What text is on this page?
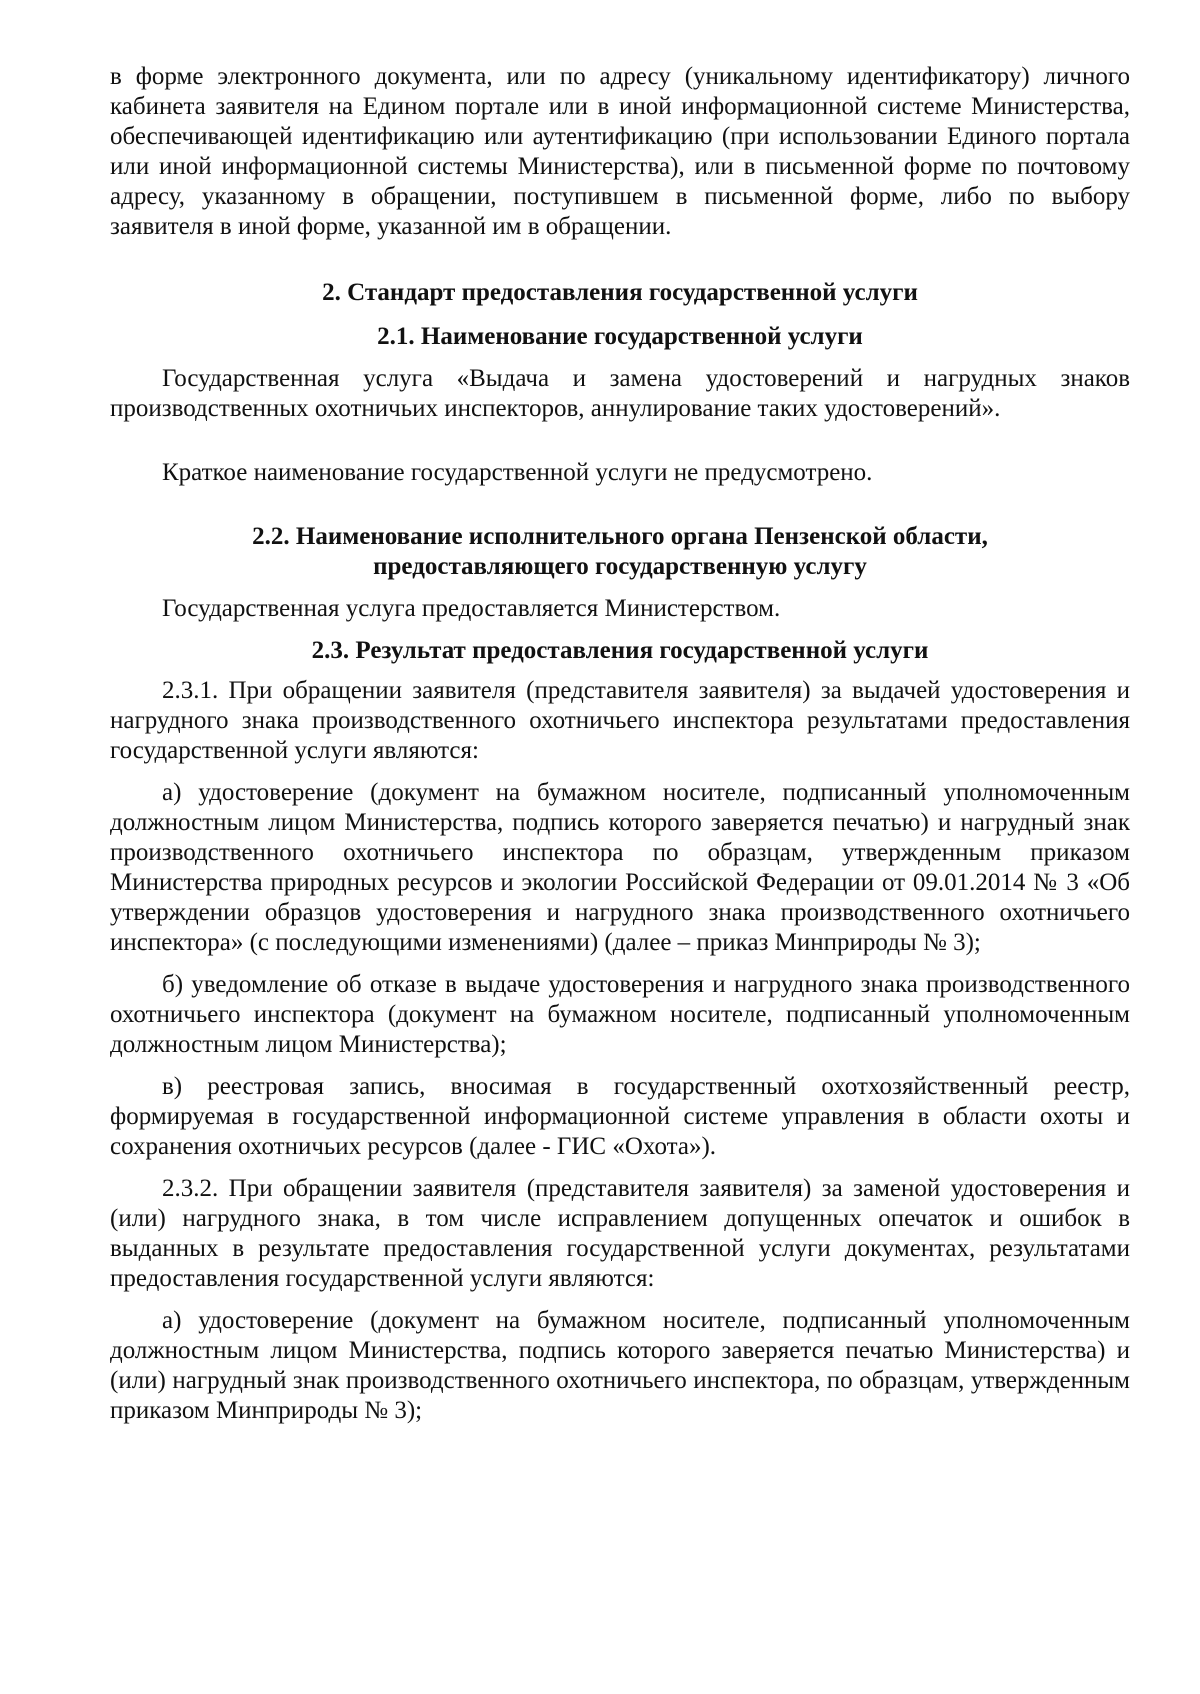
в форме электронного документа, или по адресу (уникальному идентификатору) личного кабинета заявителя на Едином портале или в иной информационной системе Министерства, обеспечивающей идентификацию или аутентификацию (при использовании Единого портала или иной информационной системы Министерства), или в письменной форме по почтовому адресу, указанному в обращении, поступившем в письменной форме, либо по выбору заявителя в иной форме, указанной им в обращении.

2. Стандарт предоставления государственной услуги
2.1. Наименование государственной услуги

Государственная услуга «Выдача и замена удостоверений и нагрудных знаков производственных охотничьих инспекторов, аннулирование таких удостоверений».

Краткое наименование государственной услуги не предусмотрено.

2.2. Наименование исполнительного органа Пензенской области,
предоставляющего государственную услугу

Государственная услуга предоставляется Министерством.

2.3. Результат предоставления государственной услуги

2.3.1. При обращении заявителя (представителя заявителя) за выдачей удостоверения и нагрудного знака производственного охотничьего инспектора результатами предоставления государственной услуги являются:

а) удостоверение (документ на бумажном носителе, подписанный уполномоченным должностным лицом Министерства, подпись которого заверяется печатью) и нагрудный знак производственного охотничьего инспектора по образцам, утвержденным приказом Министерства природных ресурсов и экологии Российской Федерации от 09.01.2014 № 3 «Об утверждении образцов удостоверения и нагрудного знака производственного охотничьего инспектора» (с последующими изменениями) (далее – приказ Минприроды № 3);

б) уведомление об отказе в выдаче удостоверения и нагрудного знака производственного охотничьего инспектора (документ на бумажном носителе, подписанный уполномоченным должностным лицом Министерства);

в) реестровая запись, вносимая в государственный охотхозяйственный реестр, формируемая в государственной информационной системе управления в области охоты и сохранения охотничьих ресурсов (далее - ГИС «Охота»).

2.3.2. При обращении заявителя (представителя заявителя) за заменой удостоверения и (или) нагрудного знака, в том числе исправлением допущенных опечаток и ошибок в выданных в результате предоставления государственной услуги документах, результатами предоставления государственной услуги являются:

а) удостоверение (документ на бумажном носителе, подписанный уполномоченным должностным лицом Министерства, подпись которого заверяется печатью Министерства) и (или) нагрудный знак производственного охотничьего инспектора, по образцам, утвержденным приказом Минприроды № 3);
